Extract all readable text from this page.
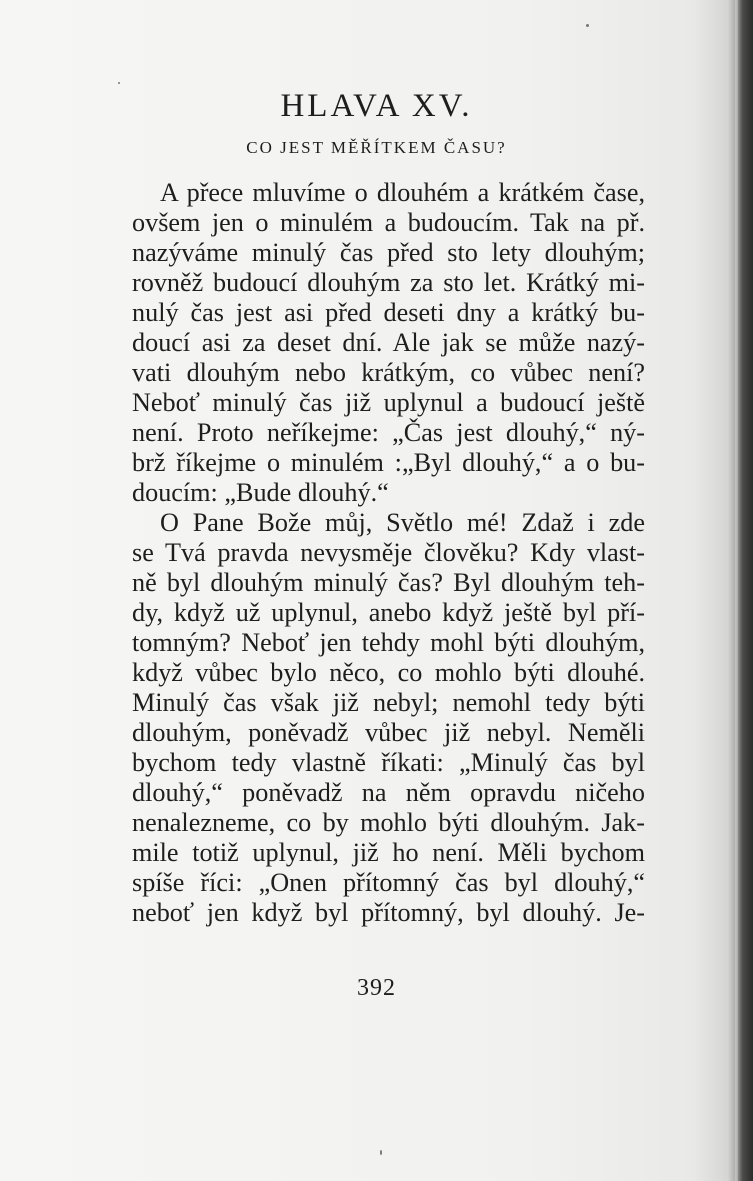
HLAVA XV.
CO JEST MĚŘÍTKEM ČASU?
A přece mluvíme o dlouhém a krátkém čase,
ovšem jen o minulém a budoucím. Tak na př.
nazýváme minulý čas před sto lety dlouhým;
rovněž budoucí dlouhým za sto let. Krátký mi-
nulý čas jest asi před deseti dny a krátký bu-
doucí asi za deset dní. Ale jak se může nazý-
vati dlouhým nebo krátkým, co vůbec není?
Neboť minulý čas již uplynul a budoucí ještě
není. Proto neříkejme: „Čas jest dlouhý,“ ný-
brž říkejme o minulém :„Byl dlouhý,“ a o bu-
doucím: „Bude dlouhý.“
O Pane Bože můj, Světlo mé! Zdaž i zde
se Tvá pravda nevysměje člověku? Kdy vlast-
ně byl dlouhým minulý čas? Byl dlouhým teh-
dy, když už uplynul, anebo když ještě byl pří-
tomným? Neboť jen tehdy mohl býti dlouhým,
když vůbec bylo něco, co mohlo býti dlouhé.
Minulý čas však již nebyl; nemohl tedy býti
dlouhým, poněvadž vůbec již nebyl. Neměli
bychom tedy vlastně říkati: „Minulý čas byl
dlouhý,“ poněvadž na něm opravdu ničeho
nenalezneme, co by mohlo býti dlouhým. Jak-
mile totiž uplynul, již ho není. Měli bychom
spíše říci: „Onen přítomný čas byl dlouhý,“
neboť jen když byl přítomný, byl dlouhý. Je-
392
